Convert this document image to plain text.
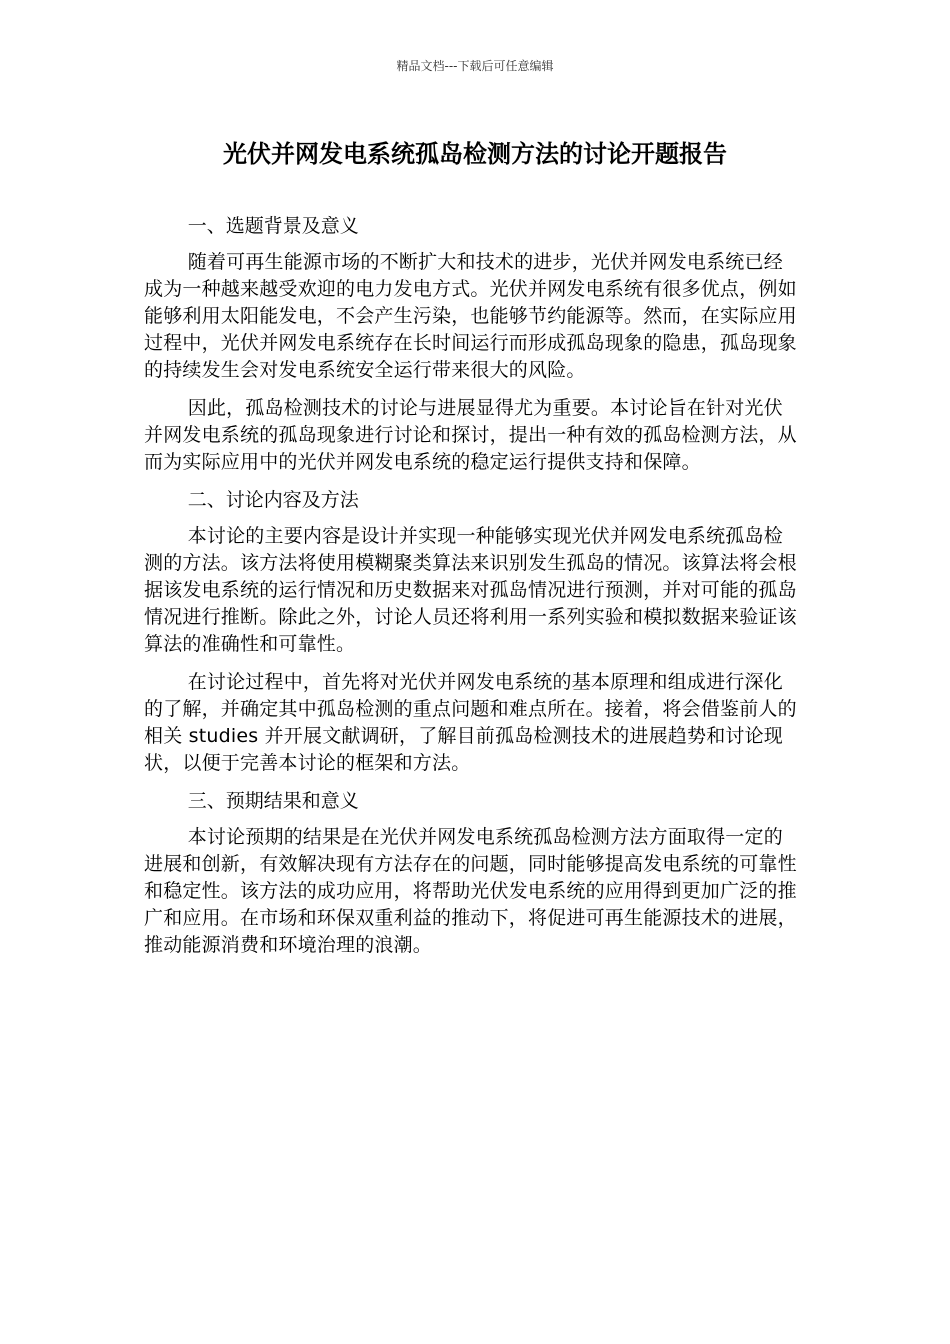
精品文档---下载后可任意编辑
光伏并网发电系统孤岛检测方法的讨论开题报告

一、选题背景及意义

随着可再生能源市场的不断扩大和技术的进步，光伏并网发电系统已经成为一种越来越受欢迎的电力发电方式。光伏并网发电系统有很多优点，例如能够利用太阳能发电，不会产生污染，也能够节约能源等。然而，在实际应用过程中，光伏并网发电系统存在长时间运行而形成孤岛现象的隐患，孤岛现象的持续发生会对发电系统安全运行带来很大的风险。

因此，孤岛检测技术的讨论与进展显得尤为重要。本讨论旨在针对光伏并网发电系统的孤岛现象进行讨论和探讨，提出一种有效的孤岛检测方法，从而为实际应用中的光伏并网发电系统的稳定运行提供支持和保障。

二、讨论内容及方法

本讨论的主要内容是设计并实现一种能够实现光伏并网发电系统孤岛检测的方法。该方法将使用模糊聚类算法来识别发生孤岛的情况。该算法将会根据该发电系统的运行情况和历史数据来对孤岛情况进行预测，并对可能的孤岛情况进行推断。除此之外，讨论人员还将利用一系列实验和模拟数据来验证该算法的准确性和可靠性。

在讨论过程中，首先将对光伏并网发电系统的基本原理和组成进行深化的了解，并确定其中孤岛检测的重点问题和难点所在。接着，将会借鉴前人的相关 studies 并开展文献调研，了解目前孤岛检测技术的进展趋势和讨论现状，以便于完善本讨论的框架和方法。

三、预期结果和意义

本讨论预期的结果是在光伏并网发电系统孤岛检测方法方面取得一定的进展和创新，有效解决现有方法存在的问题，同时能够提高发电系统的可靠性和稳定性。该方法的成功应用，将帮助光伏发电系统的应用得到更加广泛的推广和应用。在市场和环保双重利益的推动下，将促进可再生能源技术的进展，推动能源消费和环境治理的浪潮。
